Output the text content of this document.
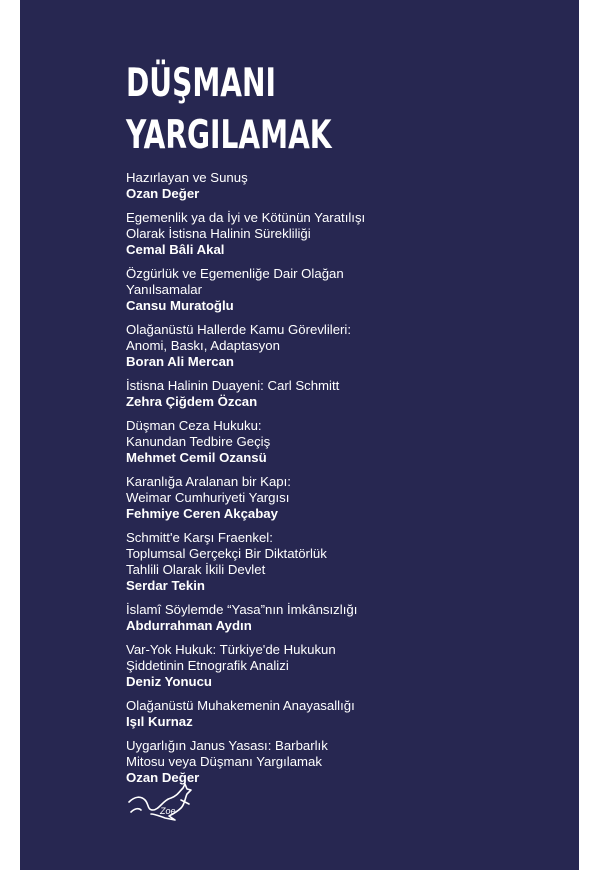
DÜŞMANI
YARGILAMAK
Hazırlayan ve Sunuş
Ozan Değer
Egemenlik ya da İyi ve Kötünün Yaratılışı
Olarak İstisna Halinin Sürekliliği
Cemal Bâli Akal
Özgürlük ve Egemenliğe Dair Olağan
Yanılsamalar
Cansu Muratoğlu
Olağanüstü Hallerde Kamu Görevlileri:
Anomi, Baskı, Adaptasyon
Boran Ali Mercan
İstisna Halinin Duayeni: Carl Schmitt
Zehra Çiğdem Özcan
Düşman Ceza Hukuku:
Kanundan Tedbire Geçiş
Mehmet Cemil Ozansü
Karanlığa Aralanan bir Kapı:
Weimar Cumhuriyeti Yargısı
Fehmiye Ceren Akçabay
Schmitt'e Karşı Fraenkel:
Toplumsal Gerçekçi Bir Diktatörlük
Tahlili Olarak İkili Devlet
Serdar Tekin
İslamî Söylemde “Yasa”nın İmkânsızlığı
Abdurrahman Aydın
Var-Yok Hukuk: Türkiye'de Hukukun
Şiddetinin Etnografik Analizi
Deniz Yonucu
Olağanüstü Muhakemenin Anayasallığı
Işıl Kurnaz
Uygarlığın Janus Yasası: Barbarlık
Mitosu veya Düşmanı Yargılamak
Ozan Değer
Zoe
